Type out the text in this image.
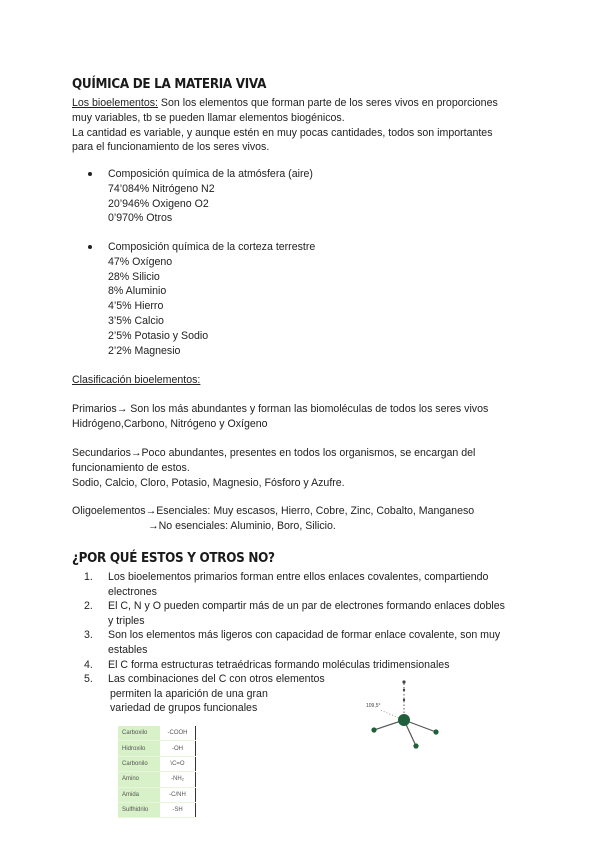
QUÍMICA DE LA MATERIA VIVA
Los bioelementos: Son los elementos que forman parte de los seres vivos en proporciones
muy variables, tb se pueden llamar elementos biogénicos.
La cantidad es variable, y aunque estén en muy pocas cantidades, todos son importantes
para el funcionamiento de los seres vivos.
Composición química de la atmósfera (aire)
74’084% Nitrógeno N2
20’946% Oxigeno O2
0’970% Otros
Composición química de la corteza terrestre
47% Oxígeno
28% Silicio
8% Aluminio
4’5% Hierro
3’5% Calcio
2’5% Potasio y Sodio
2’2% Magnesio
Clasificación bioelementos:
Primarios→ Son los más abundantes y forman las biomoléculas de todos los seres vivos
Hidrógeno,Carbono, Nitrógeno y Oxígeno
Secundarios→Poco abundantes, presentes en todos los organismos, se encargan del
funcionamiento de estos.
Sodio, Calcio, Cloro, Potasio, Magnesio, Fósforo y Azufre.
Oligoelementos→Esenciales: Muy escasos, Hierro, Cobre, Zinc, Cobalto, Manganeso
→No esenciales: Aluminio, Boro, Silicio.
¿POR QUÉ ESTOS Y OTROS NO?
1. Los bioelementos primarios forman entre ellos enlaces covalentes, compartiendo
electrones
2. El C, N y O pueden compartir más de un par de electrones formando enlaces dobles
y triples
3. Son los elementos más ligeros con capacidad de formar enlace covalente, son muy
estables
4. El C forma estructuras tetraédricas formando moléculas tridimensionales
5. Las combinaciones del C con otros elementos
permiten la aparición de una gran
variedad de grupos funcionales
Carboxilo	-COOH
Hidroxilo	-OH
Carbonilo	\C=O
Amino	-NH₂
Amida	-C/NH
Sulfhidrilo	-SH
109,5°
